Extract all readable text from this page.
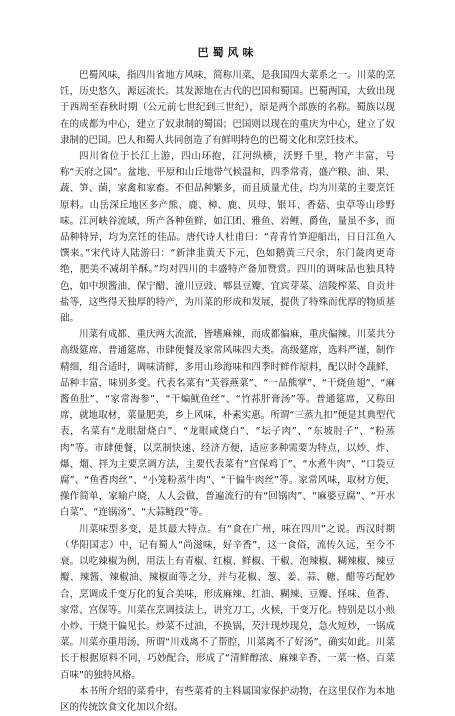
巴蜀风味

巴蜀风味，指四川省地方风味，简称川菜，是我国四大菜系之一。川菜的烹饪，历史悠久，源远流长。其发源地在古代的巴国和蜀国。巴蜀两国，大致出现于西周至春秋时期（公元前七世纪到三世纪），原是两个部族的名称。蜀族以现在的成都为中心，建立了奴隶制的蜀国；巴国则以现在的重庆为中心，建立了奴隶制的巴国。巴人和蜀人共同创造了有鲜明特色的巴蜀文化和烹饪技术。

四川省位于长江上游，四山环抱，江河纵横，沃野千里，物产丰富，号称“天府之国”。盆地、平原和山丘地带气候温和，四季常青，盛产粮、油、果、蔬、笋、菌，家禽和家畜。不但品种繁多，而且质量尤佳，均为川菜的主要烹饪原料。山岳深丘地区多产熊、鹿、樟、鹿、贝母、银耳、香菇、虫草等山珍野味。江河峡谷流域，所产各种鱼鲜，如江团、雅鱼、岩鲤、爵鱼，量虽不多，而品种特异，均为烹饪的佳品。唐代诗人杜甫曰：“青青竹笋迎船出，日日江鱼入馔来。”宋代诗人陆游曰：“新津韭黄天下元，色如鹅黄三尺余，东门彘肉更奇绝，肥美不减胡羊酥。”均对四川的丰盛特产备加赞赏。四川的调味品也独具特色，如中坝酱油、保宁醋、潼川豆豉、郫县豆瓣、宜宾芽菜、涪陵榨菜、自贡井盐等，这些得天独厚的特产，为川菜的形成和发展，提供了特殊而优厚的物质基础。

川菜有成都、重庆两大流派，皆嗜麻辣，而成都偏麻，重庆偏辣。川菜共分高级筵席、普通筵席、市肆便餐及家常风味四大类。高级筵席，选料严谨，制作精细，组合适时，调味清鲜，多用山珍海味和四季时鲜作原料，配以时令蔬鲜，品种丰富，味别多变。代表名菜有“芙蓉燕菜”、“一品熊掌”、“干烧鱼翅”、“麻酱鱼肚”、“家常海参”、“干煸鱿鱼丝”、“竹荪肝膏汤”等。普通筵席，又称田席，就地取材，菜量肥美，乡上风味，朴素实惠。所谓“三蒸九扣”便是其典型代表，名菜有“龙眼甜烧白”、“龙眼咸烧白”、“坛子肉”、“东坡肘子”、“粉蒸肉”等。市肆便餐，以烹制快速、经济方便，适应多种需要为特点，以炒、炸、爆、熘、拌为主要烹调方法，主要代表菜有“宫保鸡丁”、“水煮牛肉”、“口袋豆腐”、“鱼香肉丝”、“小笼粉蒸牛肉”、“干偏牛肉丝”等。家常风味，取材方便，操作简单，家喻户晓，人人会做，普遍流行的有“回锅肉”、“麻婆豆腐”、“开水白菜”、“连锅汤”、“大蒜鲢段”等。

川菜味型多变，是其最大特点。有“食在广州，味在四川”之说。西汉时期（华阳国志）中，记有蜀人“尚滋味，好辛香”，这一食俗，流传久远，至今不衰。以吃辣椒为例，用法上有青椒、红椒、鲜椒、干椒、泡辣椒、糊辣椒、辣豆瓣、辣酱、辣椒油、辣椒面等之分，并与花椒、葱、姜、蒜、糖、醋等巧配妙合，烹调成千变万化的复合美味，形成麻辣、红油、糊辣、豆瓣、怪味、鱼香、家常、宫保等。川菜在烹调技法上，讲究刀工，火候，干变万化。特别是以小煎小炒、干烧干偏见长。炒菜不过油，不换锅，芡汁现炒现兑，急火短炒，一锅成菜。川菜亦重用汤，所谓“川戏离不了帮腔，川菜离不了好汤”，确实如此。川菜长于根据原料不同，巧妙配合，形成了“清鲜醇浓、麻辣辛香、一菜一格、百菜百味”的独特风格。

本书所介绍的菜肴中，有些菜肴的主料属国家保护动物，在这里仅作为本地区的传统饮食文化加以介绍。
